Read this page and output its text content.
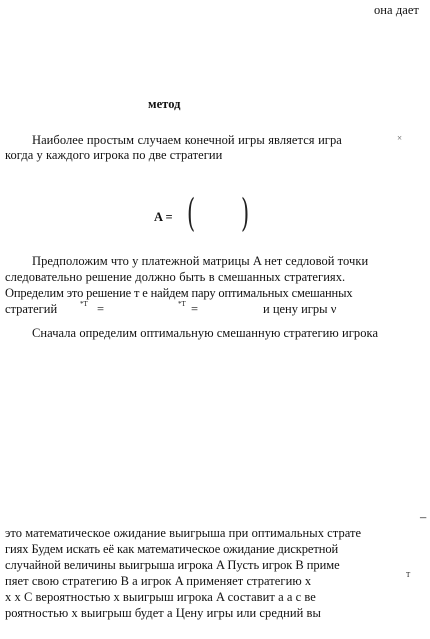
она дает
метод
Наиболее простым случаем конечной игры является игра	×
когда у каждого игрока по две стратегии
A = ( )
Предположим что у платежной матрицы A нет седловой точки
следовательно решение должно быть в смешанных стратегиях.
Определим это решение т е найдем пару оптимальных смешанных
стратегий	*T =	*T =	и цену игры ν
Сначала определим оптимальную смешанную стратегию игрока
–
это математическое ожидание выигрыша при оптимальных страте
гиях Будем искать её как математическое ожидание дискретной
случайной величины выигрыша игрока A Пусть игрок B приме
пяет свою стратегию B а игрок A применяет стратегию x	T
x x С вероятностью x выигрыш игрока A составит a а с ве
роятностью x выигрыш будет a Цену игры или средний вы
